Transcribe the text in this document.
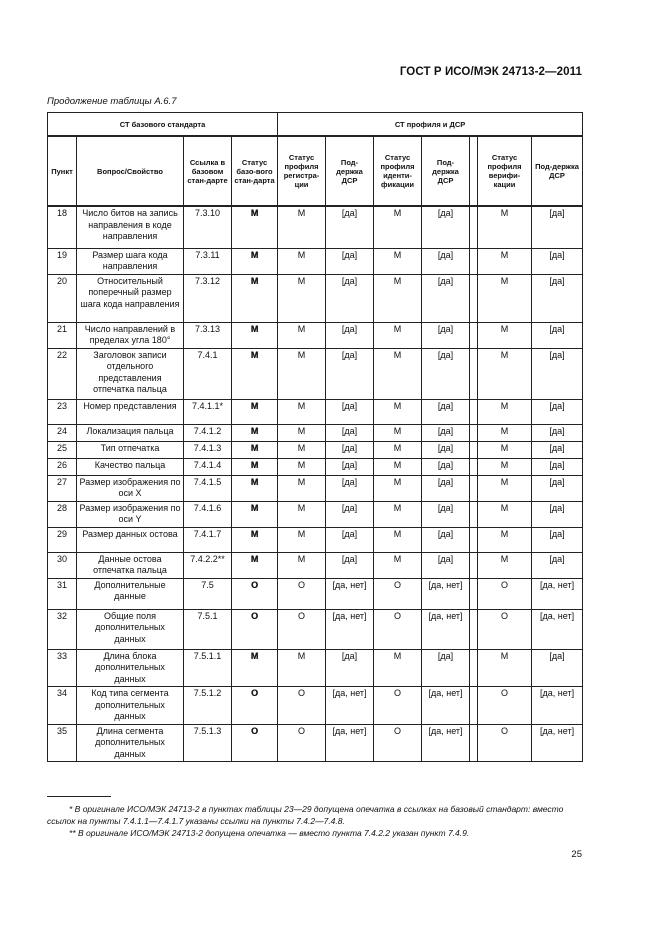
ГОСТ Р ИСО/МЭК 24713-2—2011
Продолжение таблицы А.6.7
СТ базового стандарта				СТ профиля и ДСР						
Пункт	Вопрос/Свойство	Ссылка в базовом стан-дарте	Статус базо-вого стан-дарта	Статус профиля регистра-ции	Под-держка ДСР	Статус профиля иденти-фикации	Под-держка ДСР		Статус профиля верифи-кации	Под-держка ДСР
18	Число битов на запись направления в коде направления	7.3.10	M	M	[да]	M	[да]		M	[да]
19	Размер шага кода направления	7.3.11	M	M	[да]	M	[да]		M	[да]
20	Относительный поперечный размер шага кода направления	7.3.12	M	M	[да]	M	[да]		M	[да]
21	Число направлений в пределах угла 180°	7.3.13	M	M	[да]	M	[да]		M	[да]
22	Заголовок записи отдельного представления отпечатка пальца	7.4.1	M	M	[да]	M	[да]		M	[да]
23	Номер представления	7.4.1.1*	M	M	[да]	M	[да]		M	[да]
24	Локализация пальца	7.4.1.2	M	M	[да]	M	[да]		M	[да]
25	Тип отпечатка	7.4.1.3	M	M	[да]	M	[да]		M	[да]
26	Качество пальца	7.4.1.4	M	M	[да]	M	[да]		M	[да]
27	Размер изображения по оси X	7.4.1.5	M	M	[да]	M	[да]		M	[да]
28	Размер изображения по оси Y	7.4.1.6	M	M	[да]	M	[да]		M	[да]
29	Размер данных остова	7.4.1.7	M	M	[да]	M	[да]		M	[да]
30	Данные остова отпечатка пальца	7.4.2.2**	M	M	[да]	M	[да]		M	[да]
31	Дополнительные данные	7.5	O	O	[да, нет]	O	[да, нет]		O	[да, нет]
32	Общие поля дополнительных данных	7.5.1	O	O	[да, нет]	O	[да, нет]		O	[да, нет]
33	Длина блока дополнительных данных	7.5.1.1	M	M	[да]	M	[да]		M	[да]
34	Код типа сегмента дополнительных данных	7.5.1.2	O	O	[да, нет]	O	[да, нет]		O	[да, нет]
35	Длина сегмента дополнительных данных	7.5.1.3	O	O	[да, нет]	O	[да, нет]		O	[да, нет]
* В оригинале ИСО/МЭК 24713-2 в пунктах таблицы 23—29 допущена опечатка в ссылках на базовый стандарт: вместо ссылок на пункты 7.4.1.1—7.4.1.7 указаны ссылки на пункты 7.4.2—7.4.8.
** В оригинале ИСО/МЭК 24713-2 допущена опечатка — вместо пункта 7.4.2.2 указан пункт 7.4.9.
25
